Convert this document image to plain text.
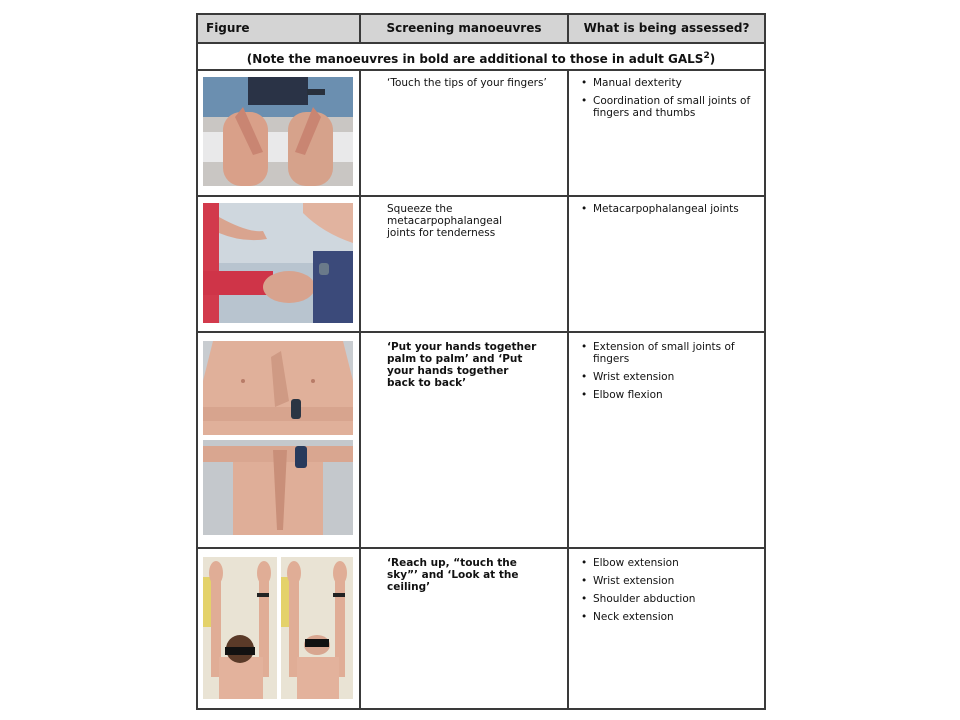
Figure	Screening manoeuvres	What is being assessed?
(Note the manoeuvres in bold are additional to those in adult GALS$^2$)
‘Touch the tips of your fingers’
•	Manual dexterity
• Coordination of small joints of fingers and thumbs
Squeeze the metacarpophalangeal joints for tenderness
• Metacarpophalangeal joints
‘Put your hands together palm to palm’ and ‘Put your hands together back to back’
• Extension of small joints of fingers
• Wrist extension
• Elbow flexion
‘Reach up, “touch the sky”’ and ‘Look at the ceiling’
• Elbow extension
• Wrist extension
• Shoulder abduction
• Neck extension
